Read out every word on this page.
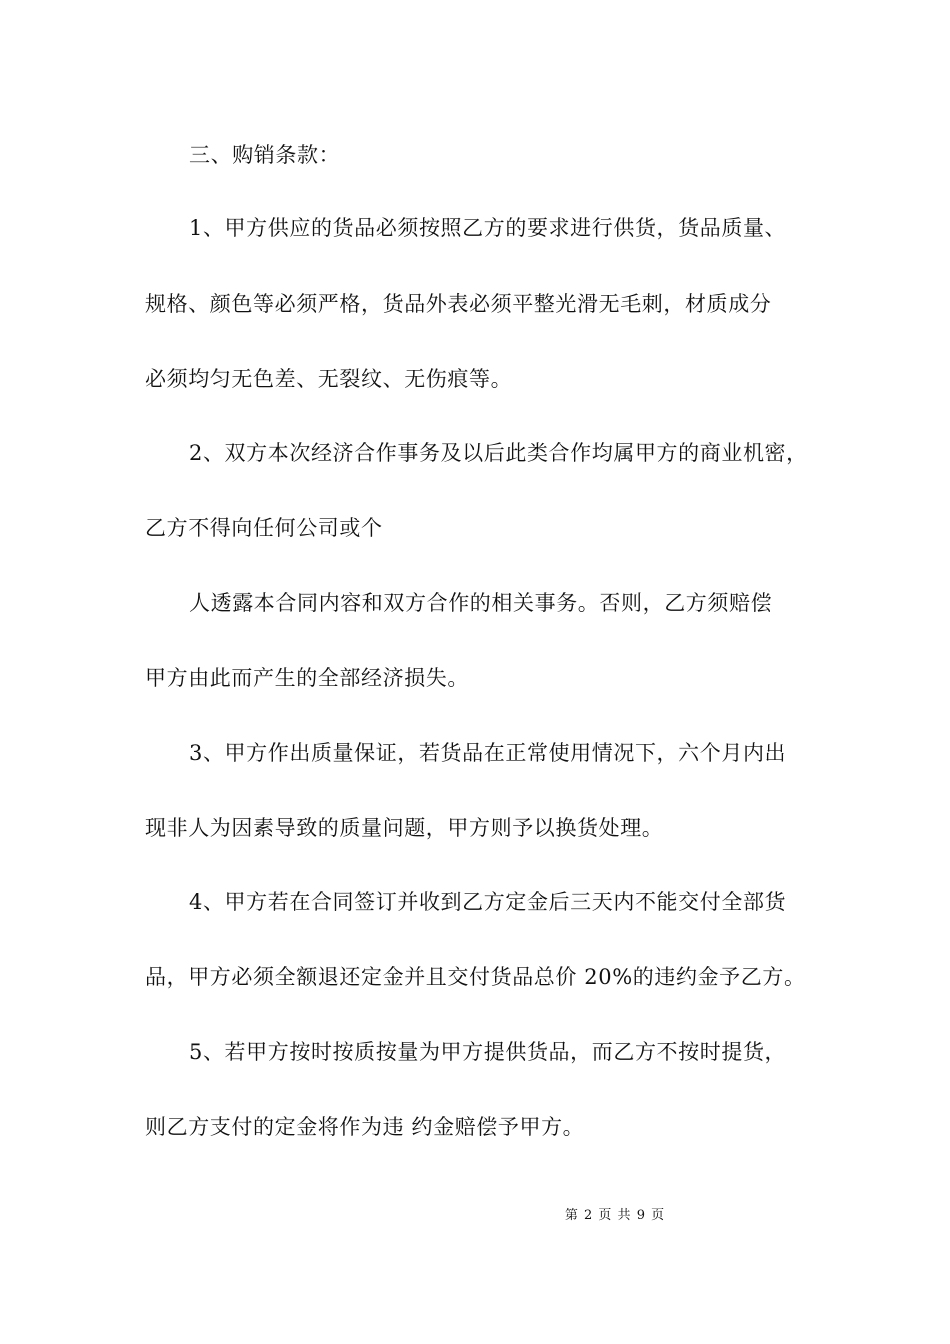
三、购销条款：
1、甲方供应的货品必须按照乙方的要求进行供货，货品质量、
规格、颜色等必须严格，货品外表必须平整光滑无毛刺，材质成分
必须均匀无色差、无裂纹、无伤痕等。
2、双方本次经济合作事务及以后此类合作均属甲方的商业机密，
乙方不得向任何公司或个
人透露本合同内容和双方合作的相关事务。否则，乙方须赔偿
甲方由此而产生的全部经济损失。
3、甲方作出质量保证，若货品在正常使用情况下，六个月内出
现非人为因素导致的质量问题，甲方则予以换货处理。
4、甲方若在合同签订并收到乙方定金后三天内不能交付全部货
品，甲方必须全额退还定金并且交付货品总价 20%的违约金予乙方。
5、若甲方按时按质按量为甲方提供货品，而乙方不按时提货，
则乙方支付的定金将作为违 约金赔偿予甲方。
第 2 页 共 9 页
